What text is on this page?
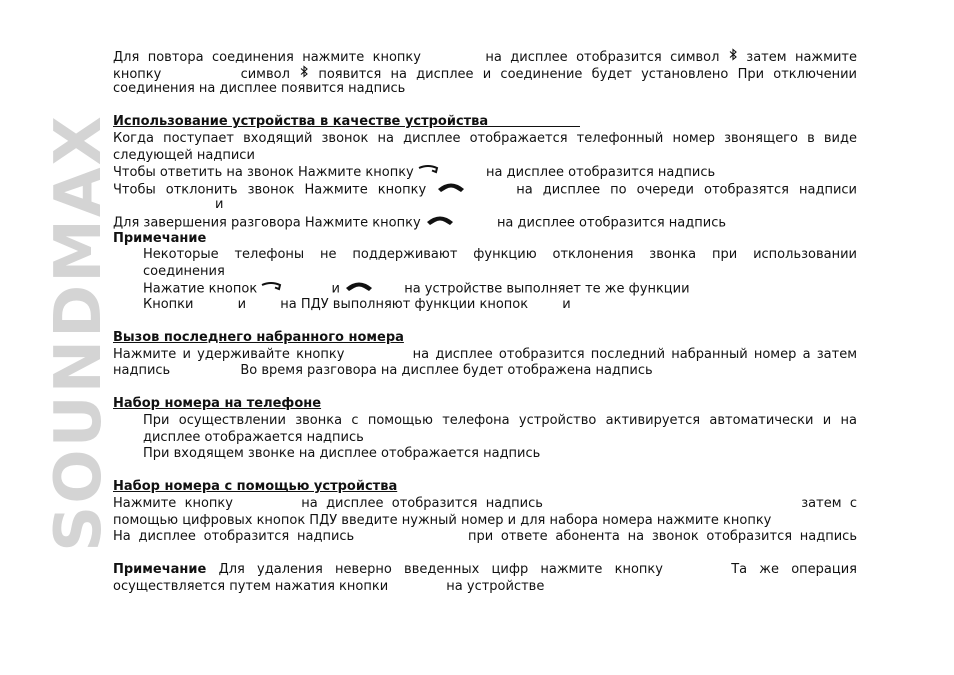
SOUNDMAX
Для повтора соединения нажмите кнопку	на дисплее отобразится символ затем нажмите
кнопку	символ появится на дисплее и соединение будет установлено При отключении
соединения на дисплее появится надпись
Использование устройства в качестве устройства
Когда поступает входящий звонок на дисплее отображается телефонный номер звонящего в виде
следующей надписи
Чтобы ответить на звонок Нажмите кнопку	на дисплее отобразится надпись
Чтобы отклонить звонок Нажмите кнопку	на дисплее по очереди отобразятся надписи
и
Для завершения разговора Нажмите кнопку	на дисплее отобразится надпись
Примечание
Некоторые телефоны не поддерживают функцию отклонения звонка при использовании
соединения
Нажатие кнопок	и	на устройстве выполняет те же функции
Кнопки	и	на ПДУ выполняют функции кнопок	и
Вызов последнего набранного номера
Нажмите и удерживайте кнопку	на дисплее отобразится последний набранный номер а затем
надпись	Во время разговора на дисплее будет отображена надпись
Набор номера на телефоне
При осуществлении звонка с помощью телефона устройство активируется автоматически и на
дисплее отображается надпись
При входящем звонке на дисплее отображается надпись
Набор номера с помощью устройства
Нажмите кнопку	на дисплее отобразится надпись	затем с
помощью цифровых кнопок ПДУ введите нужный номер и для набора номера нажмите кнопку
На дисплее отобразится надпись	при ответе абонента на звонок отобразится надпись
Примечание Для удаления неверно введенных цифр нажмите кнопку	Та же операция
осуществляется путем нажатия кнопки	на устройстве
